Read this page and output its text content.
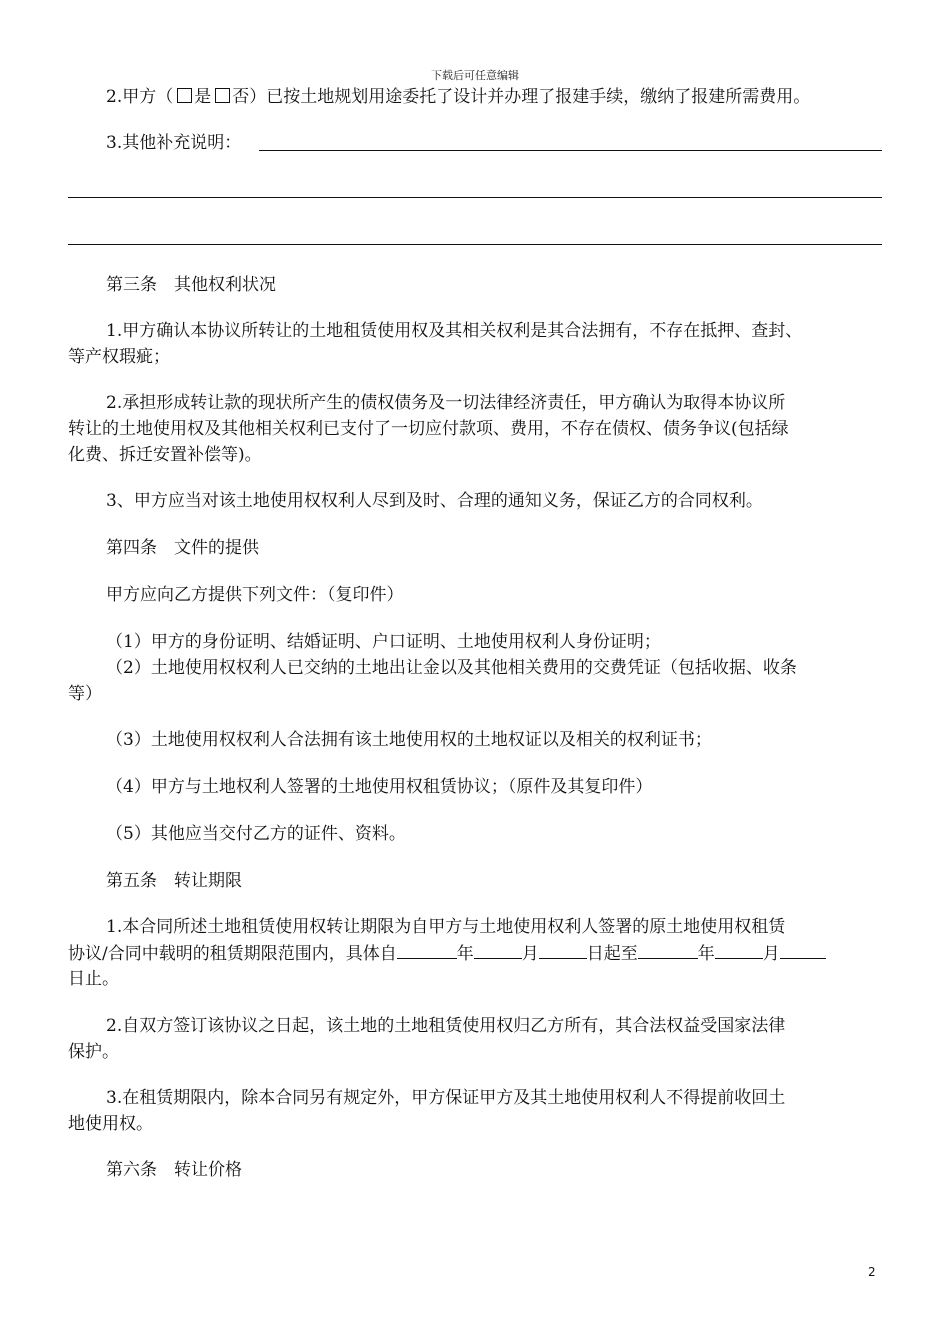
下载后可任意编辑
2.甲方（ 是 否）已按土地规划用途委托了设计并办理了报建手续，缴纳了报建所需费用。
3.其他补充说明：
第三条　其他权利状况
1.甲方确认本协议所转让的土地租赁使用权及其相关权利是其合法拥有，不存在抵押、查封、
等产权瑕疵；
2.承担形成转让款的现状所产生的债权债务及一切法律经济责任，甲方确认为取得本协议所
转让的土地使用权及其他相关权利已支付了一切应付款项、费用，不存在债权、债务争议(包括绿
化费、拆迁安置补偿等)。
3、甲方应当对该土地使用权权利人尽到及时、合理的通知义务，保证乙方的合同权利。
第四条　文件的提供
甲方应向乙方提供下列文件：（复印件）
（1）甲方的身份证明、结婚证明、户口证明、土地使用权利人身份证明；
（2）土地使用权权利人已交纳的土地出让金以及其他相关费用的交费凭证（包括收据、收条
等）
（3）土地使用权权利人合法拥有该土地使用权的土地权证以及相关的权利证书；
（4）甲方与土地权利人签署的土地使用权租赁协议；（原件及其复印件）
（5）其他应当交付乙方的证件、资料。
第五条　转让期限
1.本合同所述土地租赁使用权转让期限为自甲方与土地使用权利人签署的原土地使用权租赁
协议/合同中载明的租赁期限范围内，具体自	年	月	日起至	年	月
日止。
2.自双方签订该协议之日起，该土地的土地租赁使用权归乙方所有，其合法权益受国家法律
保护。
3.在租赁期限内，除本合同另有规定外，甲方保证甲方及其土地使用权利人不得提前收回土
地使用权。
第六条　转让价格
2
